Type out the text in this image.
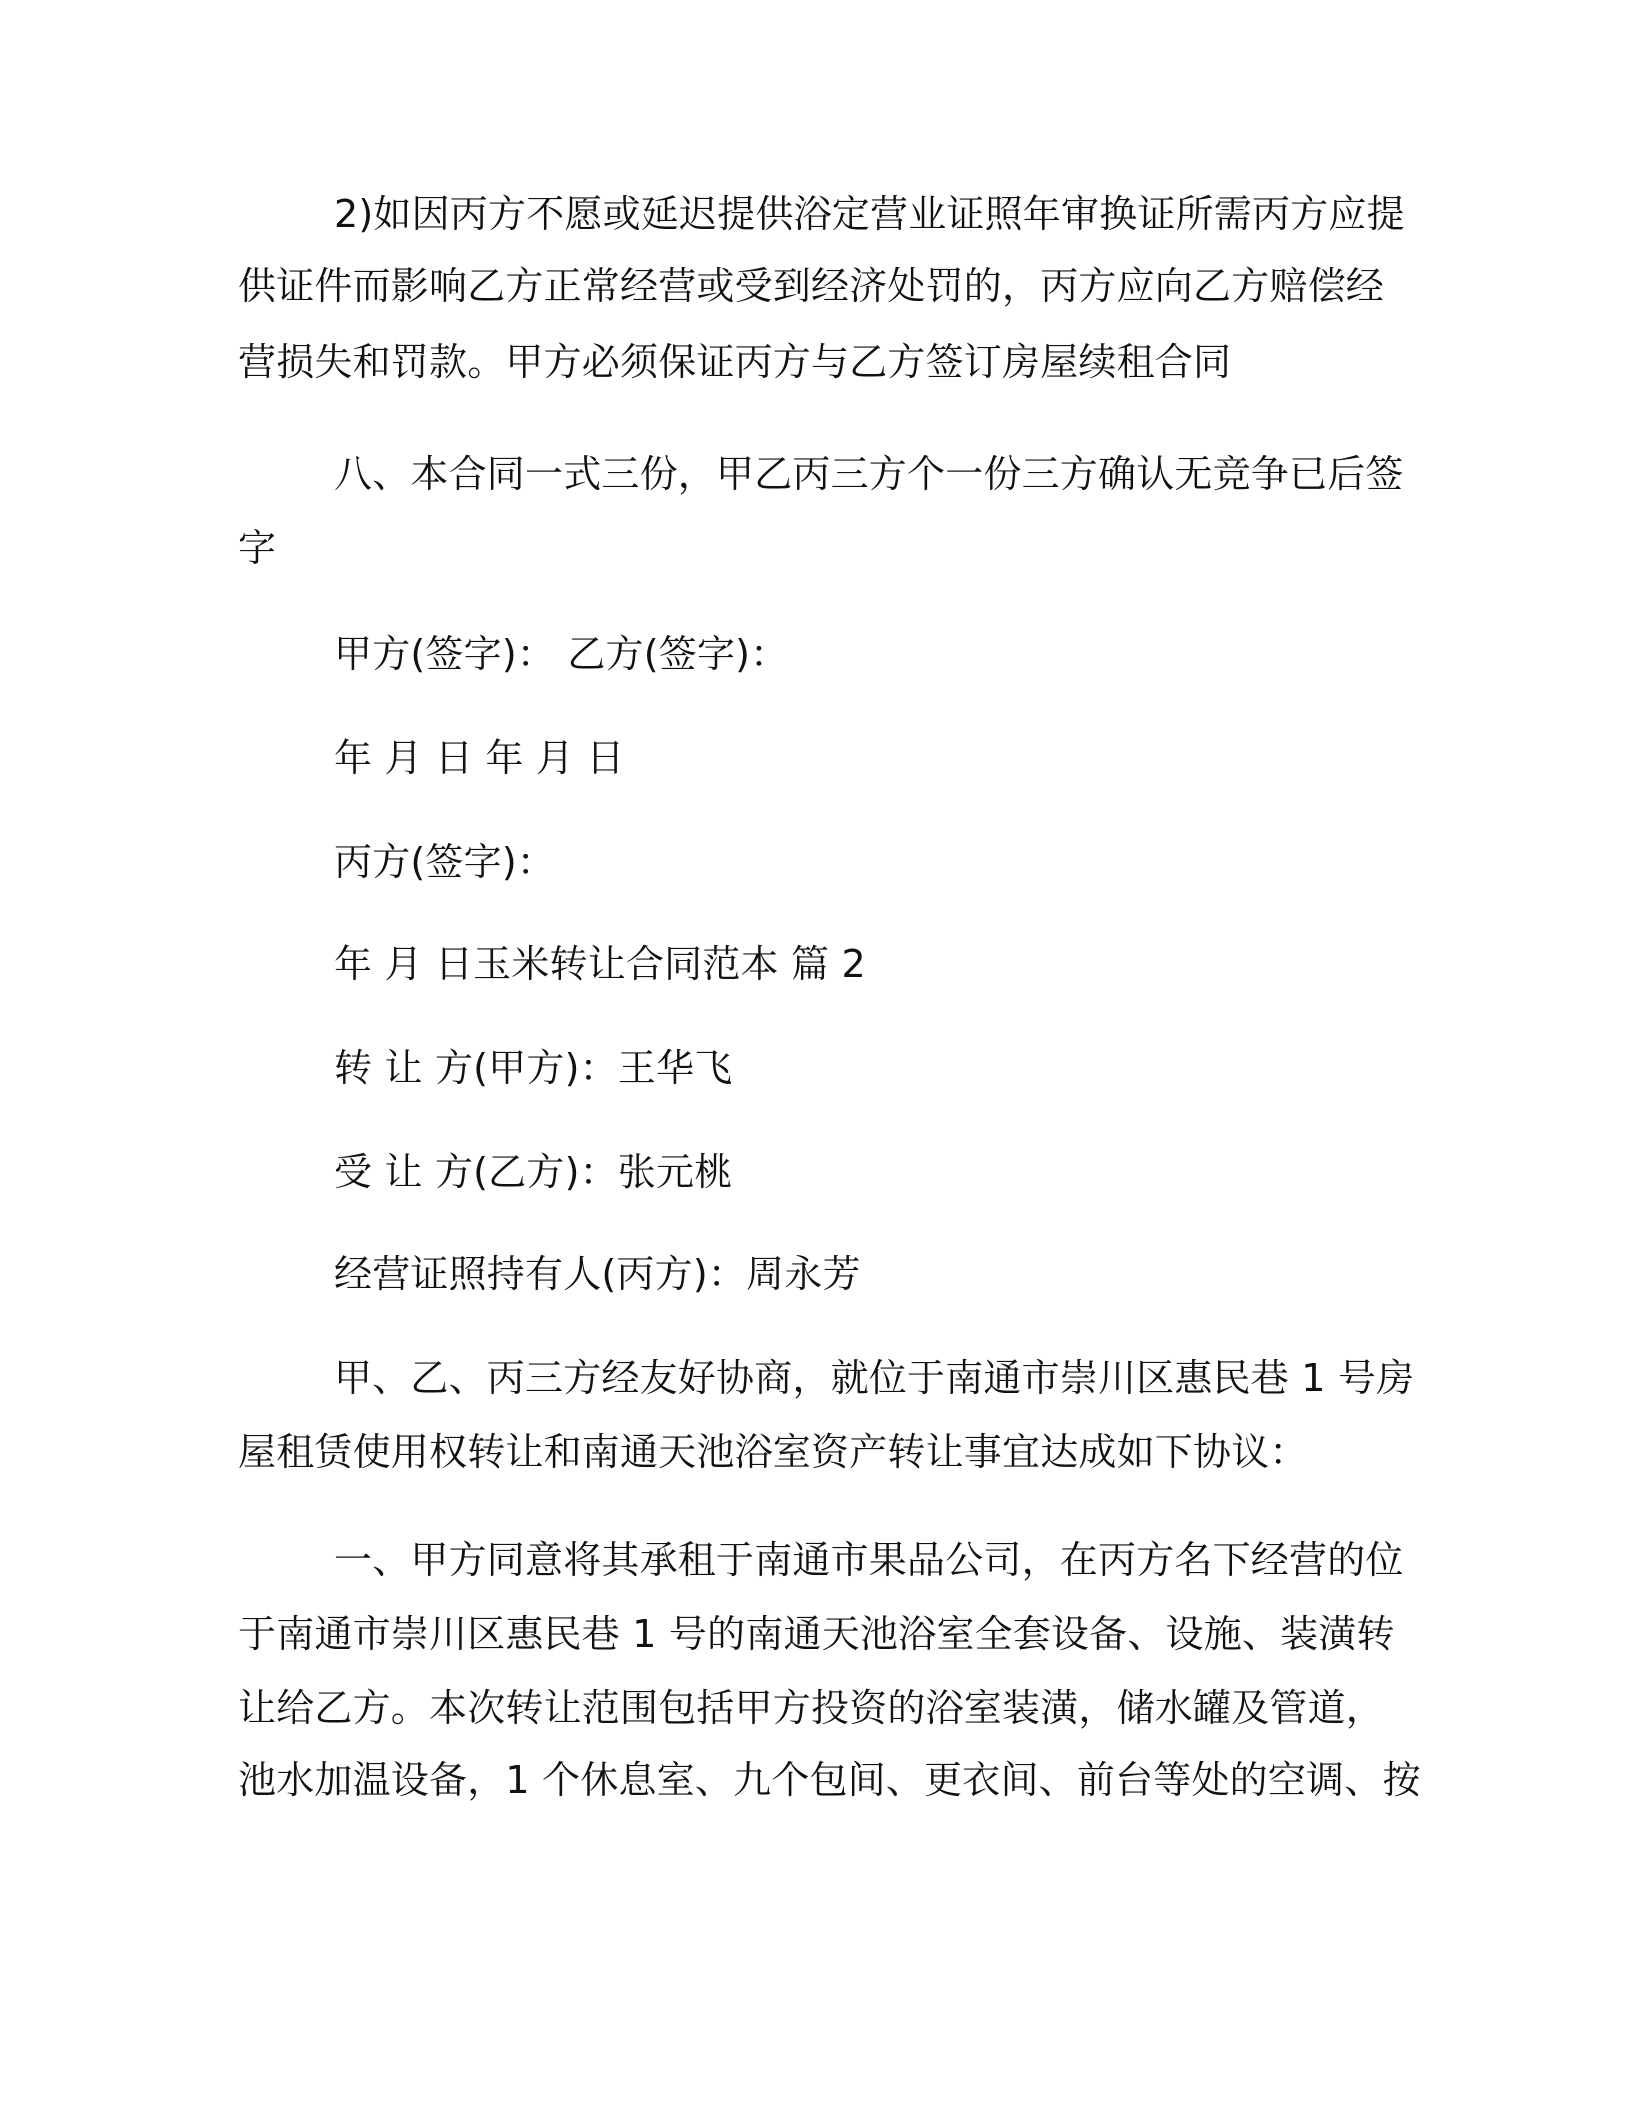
2)如因丙方不愿或延迟提供浴定营业证照年审换证所需丙方应提
供证件而影响乙方正常经营或受到经济处罚的，丙方应向乙方赔偿经
营损失和罚款。甲方必须保证丙方与乙方签订房屋续租合同
八、本合同一式三份，甲乙丙三方个一份三方确认无竞争已后签
字
甲方(签字)： 乙方(签字)：
年 月 日 年 月 日
丙方(签字)：
年 月 日玉米转让合同范本 篇 2
转 让 方(甲方)：王华飞
受 让 方(乙方)：张元桃
经营证照持有人(丙方)：周永芳
甲、乙、丙三方经友好协商，就位于南通市崇川区惠民巷 1 号房
屋租赁使用权转让和南通天池浴室资产转让事宜达成如下协议：
一、甲方同意将其承租于南通市果品公司，在丙方名下经营的位
于南通市崇川区惠民巷 1 号的南通天池浴室全套设备、设施、装潢转
让给乙方。本次转让范围包括甲方投资的浴室装潢，储水罐及管道，
池水加温设备，1 个休息室、九个包间、更衣间、前台等处的空调、按
